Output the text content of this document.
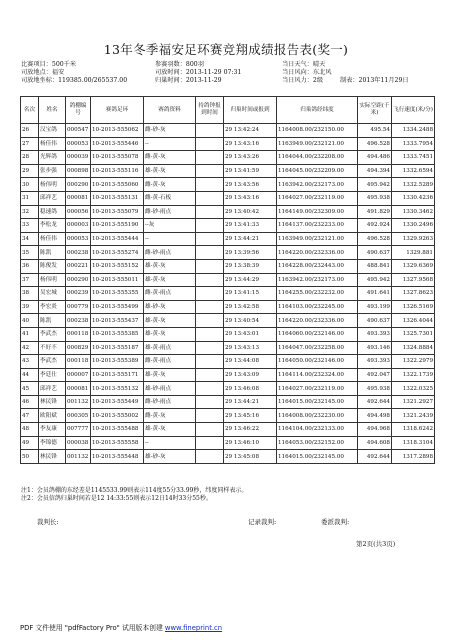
13年冬季福安足环赛竞翔成绩报告表(奖一)
比赛项目：500千米
司放地点：福安
司放地坐标：119385.00/265537.00
参赛羽数：800羽
司放时间：2013-11-29 07:31
归巢时间：2013-11-29
当日天气：晴天
当日风向：东北风
当日风力：2级	制表：2013年11月29日
名次	姓名	鸽棚编号	赛鸽足环	赛鸽资料	持鸽钟报到时间	归巢时间或报到	归巢鸽经纬度	实际空距(千米)	飞行速度(米/分)
26	汉宝鸽	000547	10-2013-555062	雌-砂-灰		29 13:42:24	1164008.00/232150.00	495.54	1334.2488
27	杨佳伟	000053	10-2013-555446	--		29 13:43:16	1163949.00/232121.00	496.528	1333.7954
28	光辉鸽	000039	10-2013-555078	雌-黄-灰		29 13:43:26	1164044.00/232208.00	494.486	1333.7451
29	张步强	000898	10-2013-555116	雄-黄-灰		29 13:41:59	1164045.00/232209.00	494.394	1332.6594
30	杨伟明	000290	10-2013-555060	雌-黄-灰		29 13:43:56	1163942.00/232173.00	495.942	1332.5289
31	邱祥艺	000081	10-2013-555131	雌-黄-石板		29 13:43:16	1164027.00/232119.00	495.938	1330.4236
32	稳速鸽	000056	10-2013-555079	雌-砂-雨点		29 13:40:42	1164149.00/232309.00	491.829	1330.3462
33	李松龙	000003	10-2013-555190	--灰		29 13:41:33	1164137.00/232233.00	492.924	1330.2496
34	杨佳伟	000053	10-2013-555444	--		29 13:44:21	1163949.00/232121.00	496.528	1329.9263
35	陈凯	000238	10-2013-555274	雌-砂-雨点		29 13:39:56	1164220.00/232336.00	490.637	1329.881
36	陈俊发	000221	10-2013-555152	雄-黄-灰		29 13:38:39	1164228.00/232443.00	488.841	1329.6369
37	杨伟明	000290	10-2013-555011	雄-黄-灰		29 13:44:29	1163942.00/232173.00	495.942	1327.9568
38	吴宏城	000239	10-2013-555355	雌-黄-雨点		29 13:41:15	1164255.00/232232.00	491.641	1327.8623
39	李宏炎	000779	10-2013-555499	雄-砂-灰		29 13:42:58	1164103.00/232245.00	493.199	1326.5169
40	陈凯	000238	10-2013-555437	雄-黄-灰		29 13:40:54	1164220.00/232336.00	490.637	1326.4044
41	李武杰	000118	10-2013-555385	雄-黄-灰		29 13:43:01	1164060.00/232146.00	493.393	1325.7301
42	不好不	000829	10-2013-555187	雄-黄-雨点		29 13:43:13	1164047.00/232258.00	493.146	1324.8884
43	李武杰	000118	10-2013-555389	雌-黄-雨点		29 13:44:08	1164050.00/232146.00	493.393	1322.2979
44	李廷仕	000007	10-2013-555171	雄-黄-灰		29 13:43:09	1164114.00/232324.00	492.047	1322.1739
45	邱祥艺	000081	10-2013-555132	雄-砂-雨点		29 13:46:08	1164027.00/232119.00	495.938	1322.0325
46	林民锋	001132	10-2013-555449	雌-砂-雨点		29 13:44:21	1164015.00/232145.00	492.644	1321.2927
47	欧阳斌	000305	10-2013-555002	雌-黄-灰		29 13:45:16	1164008.00/232230.00	494.498	1321.2439
48	李友康	007777	10-2013-555488	雄-黄-灰		29 13:46:22	1164104.00/232133.00	494.968	1318.6242
49	李锦德	000038	10-2013-555558	--		29 13:46:10	1164053.00/232152.00	494.608	1318.3104
50	林民锋	001132	10-2013-555448	雄-砂-灰		29 13:45:08	1164015.00/232145.00	492.644	1317.2898
注1：会员鸽棚的东经差是1145533.99则表示114度55分33.99秒，纬度同样表示。
注2：会员信鸽归巢时间若是12 14:33:55则表示12日14时33分55秒。
裁判长:	记录裁判:	委派裁判:
第2页(共3页)
PDF 文件使用 "pdfFactory Pro" 试用版本创建 www.fineprint.cn
